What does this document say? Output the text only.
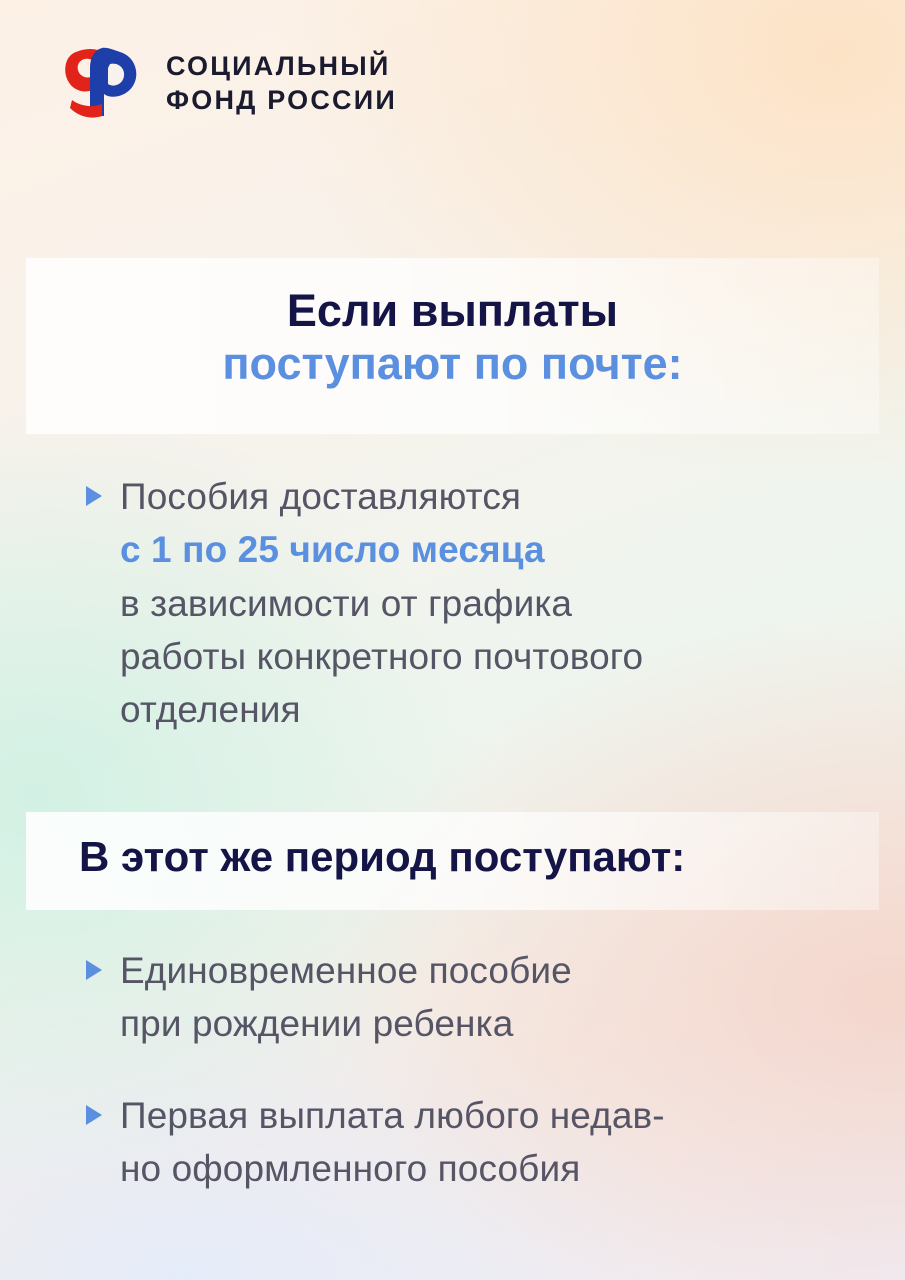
СОЦИАЛЬНЫЙ
ФОНД РОССИИ
Если выплаты
поступают по почте:
Пособия доставляются
с 1 по 25 число месяца
в зависимости от графика
работы конкретного почтового
отделения
В этот же период поступают:
Единовременное пособие
при рождении ребенка
Первая выплата любого недав-
но оформленного пособия
